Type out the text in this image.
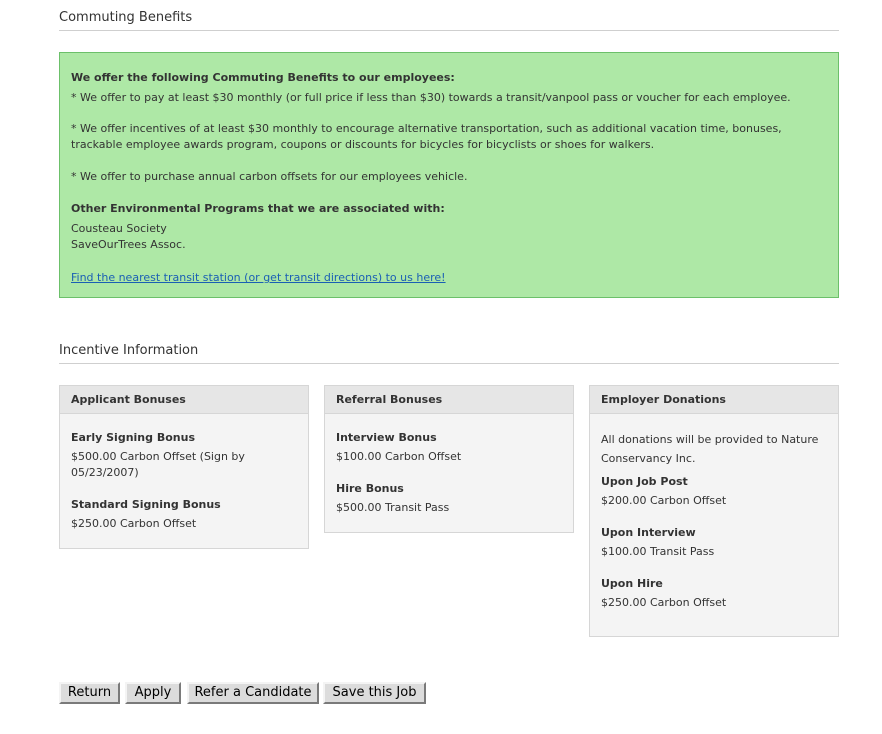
Commuting Benefits
We offer the following Commuting Benefits to our employees:
* We offer to pay at least $30 monthly (or full price if less than $30) towards a transit/vanpool pass or voucher for each employee.
* We offer incentives of at least $30 monthly to encourage alternative transportation, such as additional vacation time, bonuses, trackable employee awards program, coupons or discounts for bicycles for bicyclists or shoes for walkers.
* We offer to purchase annual carbon offsets for our employees vehicle.
Other Environmental Programs that we are associated with:
Cousteau Society
SaveOurTrees Assoc.
Find the nearest transit station (or get transit directions) to us here!
Incentive Information
Applicant Bonuses
Early Signing Bonus
$500.00 Carbon Offset (Sign by 05/23/2007)
Standard Signing Bonus
$250.00 Carbon Offset
Referral Bonuses
Interview Bonus
$100.00 Carbon Offset
Hire Bonus
$500.00 Transit Pass
Employer Donations
All donations will be provided to Nature Conservancy Inc.
Upon Job Post
$200.00 Carbon Offset
Upon Interview
$100.00 Transit Pass
Upon Hire
$250.00 Carbon Offset
Return	Apply	Refer a Candidate	Save this Job
